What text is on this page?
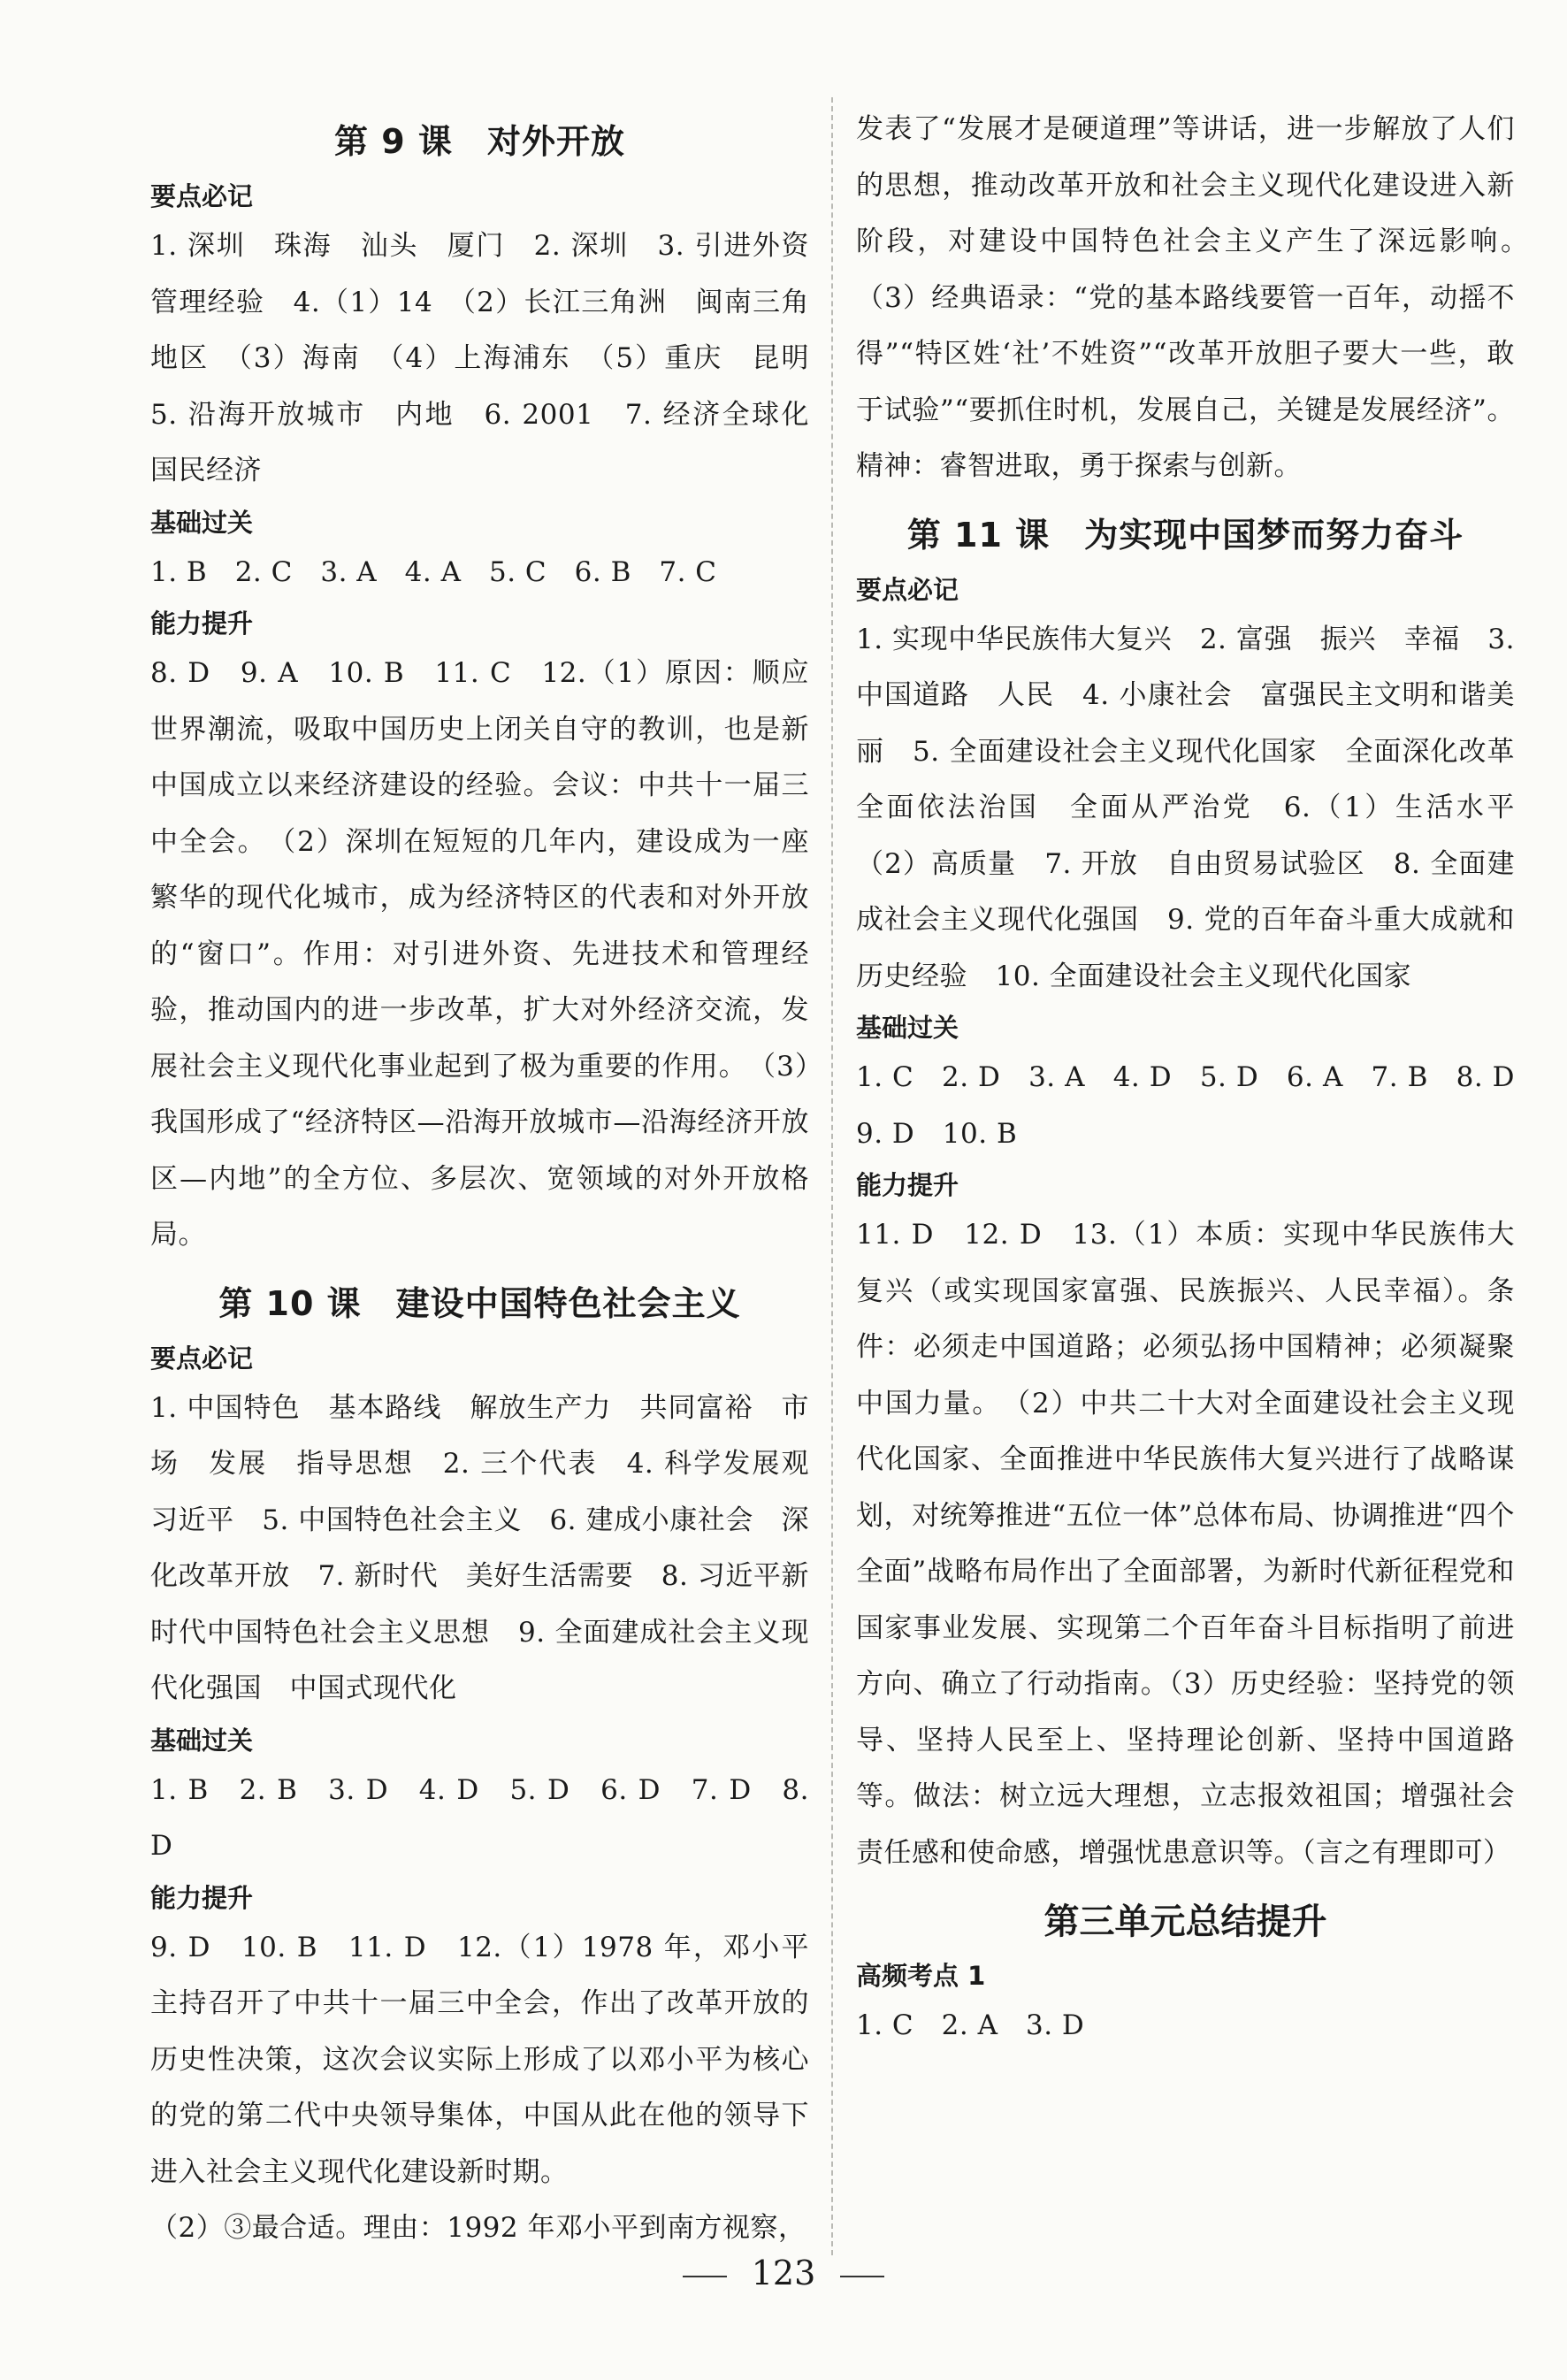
第 9 课　对外开放
要点必记

1. 深圳　珠海　汕头　厦门　2. 深圳　3. 引进外资　管理经验　4.（1）14　（2）长江三角洲　闽南三角地区　（3）海南　（4）上海浦东　（5）重庆　昆明　5. 沿海开放城市　内地　6. 2001　7. 经济全球化　国民经济

基础过关

1. B　2. C　3. A　4. A　5. C　6. B　7. C

能力提升

8. D　9. A　10. B　11. C　12.（1）原因：顺应世界潮流，吸取中国历史上闭关自守的教训，也是新中国成立以来经济建设的经验。会议：中共十一届三中全会。　（2）深圳在短短的几年内，建设成为一座繁华的现代化城市，成为经济特区的代表和对外开放的“窗口”。作用：对引进外资、先进技术和管理经验，推动国内的进一步改革，扩大对外经济交流，发展社会主义现代化事业起到了极为重要的作用。　（3）我国形成了“经济特区—沿海开放城市—沿海经济开放区—内地”的全方位、多层次、宽领域的对外开放格局。

第 10 课　建设中国特色社会主义
要点必记

1. 中国特色　基本路线　解放生产力　共同富裕　市场　发展　指导思想　2. 三个代表　4. 科学发展观　习近平　5. 中国特色社会主义　6. 建成小康社会　深化改革开放　7. 新时代　美好生活需要　8. 习近平新时代中国特色社会主义思想　9. 全面建成社会主义现代化强国　中国式现代化

基础过关

1. B　2. B　3. D　4. D　5. D　6. D　7. D　8. D

能力提升

9. D　10. B　11. D　12.（1）1978 年，邓小平主持召开了中共十一届三中全会，作出了改革开放的历史性决策，这次会议实际上形成了以邓小平为核心的党的第二代中央领导集体，中国从此在他的领导下进入社会主义现代化建设新时期。

（2）③最合适。理由：1992 年邓小平到南方视察，

发表了“发展才是硬道理”等讲话，进一步解放了人们的思想，推动改革开放和社会主义现代化建设进入新阶段，对建设中国特色社会主义产生了深远影响。　（3）经典语录：“党的基本路线要管一百年，动摇不得”“特区姓‘社’不姓资”“改革开放胆子要大一些，敢于试验”“要抓住时机，发展自己，关键是发展经济”。精神：睿智进取，勇于探索与创新。

第 11 课　为实现中国梦而努力奋斗
要点必记

1. 实现中华民族伟大复兴　2. 富强　振兴　幸福　3. 中国道路　人民　4. 小康社会　富强民主文明和谐美丽　5. 全面建设社会主义现代化国家　全面深化改革　全面依法治国　全面从严治党　6.（1）生活水平　（2）高质量　7. 开放　自由贸易试验区　8. 全面建成社会主义现代化强国　9. 党的百年奋斗重大成就和历史经验　10. 全面建设社会主义现代化国家

基础过关

1. C　2. D　3. A　4. D　5. D　6. A　7. B　8. D　9. D　10. B

能力提升

11. D　12. D　13.（1）本质：实现中华民族伟大复兴（或实现国家富强、民族振兴、人民幸福）。条件：必须走中国道路；必须弘扬中国精神；必须凝聚中国力量。　（2）中共二十大对全面建设社会主义现代化国家、全面推进中华民族伟大复兴进行了战略谋划，对统筹推进“五位一体”总体布局、协调推进“四个全面”战略布局作出了全面部署，为新时代新征程党和国家事业发展、实现第二个百年奋斗目标指明了前进方向、确立了行动指南。（3）历史经验：坚持党的领导、坚持人民至上、坚持理论创新、坚持中国道路等。做法：树立远大理想，立志报效祖国；增强社会责任感和使命感，增强忧患意识等。（言之有理即可）

第三单元总结提升
高频考点 1

1. C　2. A　3. D

123
